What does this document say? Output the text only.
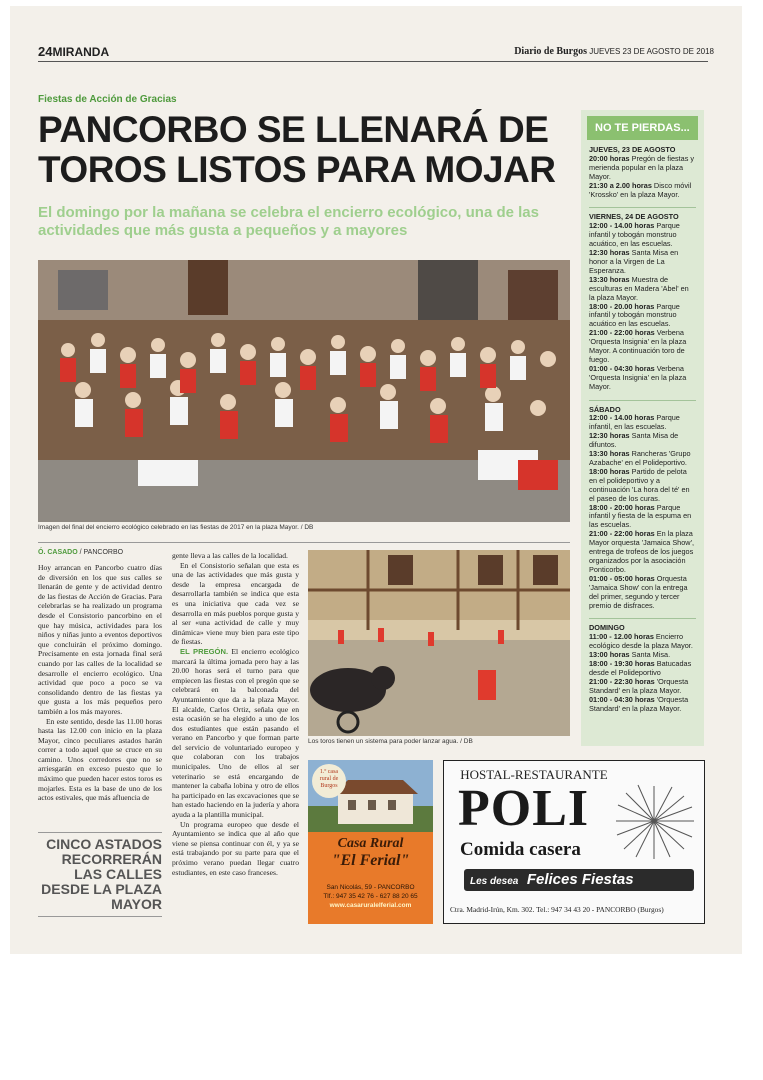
24MIRANDA	Diario de Burgos JUEVES 23 DE AGOSTO DE 2018
Fiestas de Acción de Gracias
PANCORBO SE LLENARÁ DE TOROS LISTOS PARA MOJAR
El domingo por la mañana se celebra el encierro ecológico, una de las actividades que más gusta a pequeños y a mayores
Imagen del final del encierro ecológico celebrado en las fiestas de 2017 en la plaza Mayor. / DB
Ó. CASADO / PANCORBO

Hoy arrancan en Pancorbo cuatro días de diversión en los que sus calles se llenarán de gente y de actividad dentro de las fiestas de Acción de Gracias. Para celebrarlas se ha realizado un programa desde el Consistorio pancorbino en el que hay música, actividades para los niños y niñas junto a eventos deportivos que concluirán el próximo domingo. Precisamente en esta jornada final será cuando por las calles de la localidad se desarrolle el encierro ecológico. Una actividad que poco a poco se va consolidando dentro de las fiestas ya que gusta a los más pequeños pero también a los más mayores.

En este sentido, desde las 11.00 horas hasta las 12.00 con inicio en la plaza Mayor, cinco peculiares astados harán correr a todo aquel que se cruce en su camino. Unos corredores que no se arriesgarán en exceso puesto que lo máximo que pueden hacer estos toros es mojarles. Esta es la base de uno de los actos estivales, que más afluencia de

CINCO ASTADOS RECORRERÁN LAS CALLES DESDE LA PLAZA MAYOR

gente lleva a las calles de la localidad.

En el Consistorio señalan que esta es una de las actividades que más gusta y desde la empresa encargada de desarrollarla también se indica que esta es una iniciativa que cada vez se desarrolla en más pueblos porque gusta y al ser «una actividad de calle y muy dinámica» viene muy bien para este tipo de fiestas.

EL PREGÓN. El encierro ecológico marcará la última jornada pero hay a las 20.00 horas será el turno para que empiecen las fiestas con el pregón que se celebrará en la balconada del Ayuntamiento que da a la plaza Mayor. El alcalde, Carlos Ortiz, señala que en esta ocasión se ha elegido a uno de los dos estudiantes que están pasando el verano en Pancorbo y que forman parte del servicio de voluntariado europeo y que colaboran con los trabajos municipales. Uno de ellos al ser veterinario se está encargando de mantener la cabaña lobina y otro de ellos ha participado en las excavaciones que se han estado haciendo en la judería y ahora ayuda a la plantilla municipal.

Un programa europeo que desde el Ayuntamiento se indica que al año que viene se piensa continuar con él, y ya se está trabajando por su parte para que el próximo verano puedan llegar cuatro estudiantes, en este caso franceses.

Los toros tienen un sistema para poder lanzar agua. / DB
NO TE PIERDAS...
JUEVES, 23 DE AGOSTO
20:00 horas Pregón de fiestas y merienda popular en la plaza Mayor.
21:30 a 2.00 horas Disco móvil 'Krossko' en la plaza Mayor.
VIERNES, 24 DE AGOSTO
12:00 - 14.00 horas Parque infantil y tobogán monstruo acuático, en las escuelas.
12:30 horas Santa Misa en honor a la Virgen de La Esperanza.
13:30 horas Muestra de esculturas en Madera 'Abel' en la plaza Mayor.
18:00 - 20.00 horas Parque infantil y tobogán monstruo acuático en las escuelas.
21:00 - 22:00 horas Verbena 'Orquesta Insignia' en la plaza Mayor. A continuación toro de fuego.
01:00 - 04:30 horas Verbena 'Orquesta Insignia' en la plaza Mayor.
SÁBADO
12:00 - 14.00 horas Parque infantil, en las escuelas.
12:30 horas Santa Misa de difuntos.
13:30 horas Rancheras 'Grupo Azabache' en el Polideportivo.
18:00 horas Partido de pelota en el polideportivo y a continuación 'La hora del té' en el paseo de los curas.
18:00 - 20:00 horas Parque infantil y fiesta de la espuma en las escuelas.
21:00 - 22:00 horas En la plaza Mayor orquesta 'Jamaica Show', entrega de trofeos de los juegos organizados por la asociación Ponticorbo.
01:00 - 05:00 horas Orquesta 'Jamaica Show' con la entrega del primer, segundo y tercer premio de disfraces.
DOMINGO
11:00 - 12.00 horas Encierro ecológico desde la plaza Mayor.
13:00 horas Santa Misa.
18:00 - 19:30 horas Batucadas desde el Polideportivo
21:00 - 22:30 horas 'Orquesta Standard' en la plaza Mayor.
01:00 - 04:30 horas 'Orquesta Standard' en la plaza Mayor.
1.º casa
rural de
Burgos
Casa Rural
"El Ferial"
San Nicolás, 59 - PANCORBO
Tlf.: 947 35 42 76 - 627 88 20 65
www.casaruralelferial.com
HOSTAL-RESTAURANTE
POLI
Comida casera
Les desea Felices Fiestas
Ctra. Madrid-Irún, Km. 302. Tel.: 947 34 43 20 - PANCORBO (Burgos)
